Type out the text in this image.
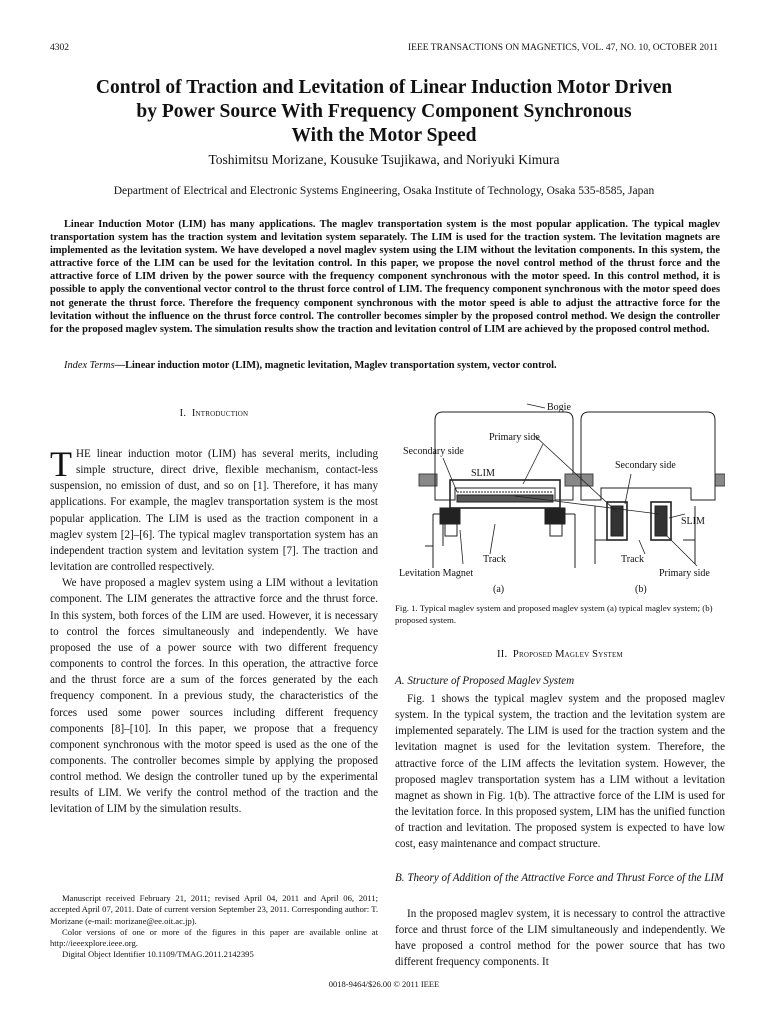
4302	IEEE TRANSACTIONS ON MAGNETICS, VOL. 47, NO. 10, OCTOBER 2011
Control of Traction and Levitation of Linear Induction Motor Driven
by Power Source With Frequency Component Synchronous
With the Motor Speed
Toshimitsu Morizane, Kousuke Tsujikawa, and Noriyuki Kimura
Department of Electrical and Electronic Systems Engineering, Osaka Institute of Technology, Osaka 535-8585, Japan

Linear Induction Motor (LIM) has many applications. The maglev transportation system is the most popular application. The typical maglev transportation system has the traction system and levitation system separately. The LIM is used for the traction system. The levitation magnets are implemented as the levitation system. We have developed a novel maglev system using the LIM without the levitation components. In this system, the attractive force of the LIM can be used for the levitation control. In this paper, we propose the novel control method of the thrust force and the attractive force of LIM driven by the power source with the frequency component synchronous with the motor speed. In this control method, it is possible to apply the conventional vector control to the thrust force control of LIM. The frequency component synchronous with the motor speed does not generate the thrust force. Therefore the frequency component synchronous with the motor speed is able to adjust the attractive force for the levitation without the influence on the thrust force control. The controller becomes simpler by the proposed control method. We design the controller for the proposed maglev system. The simulation results show the traction and levitation control of LIM are achieved by the proposed control method.

Index Terms—Linear induction motor (LIM), magnetic levitation, Maglev transportation system, vector control.

I. Introduction

THE linear induction motor (LIM) has several merits, including simple structure, direct drive, flexible mechanism, contact-less suspension, no emission of dust, and so on [1]. Therefore, it has many applications. For example, the maglev transportation system is the most popular application. The LIM is used as the traction component in a maglev system [2]–[6]. The typical maglev transportation system has an independent traction system and levitation system [7]. The traction and levitation are controlled respectively.

We have proposed a maglev system using a LIM without a levitation component. The LIM generates the attractive force and the thrust force. In this system, both forces of the LIM are used. However, it is necessary to control the forces simultaneously and independently. We have proposed the use of a power source with two different frequency components to control the forces. In this operation, the attractive force and the thrust force are a sum of the forces generated by the each frequency component. In a previous study, the characteristics of the forces used some power sources including different frequency components [8]–[10]. In this paper, we propose that a frequency component synchronous with the motor speed is used as the one of the components. The controller becomes simple by applying the proposed control method. We design the controller tuned up by the experimental results of LIM. We verify the control method of the traction and the levitation of LIM by the simulation results.

Manuscript received February 21, 2011; revised April 04, 2011 and April 06, 2011; accepted April 07, 2011. Date of current version September 23, 2011. Corresponding author: T. Morizane (e-mail: morizane@ee.oit.ac.jp).

Color versions of one or more of the figures in this paper are available online at http://ieeexplore.ieee.org.

Digital Object Identifier 10.1109/TMAG.2011.2142395

Bogie
Primary side
Secondary side
SLIM
Track
Levitation Magnet
(a)
Secondary side
SLIM
Track
Primary side
(b)

Fig. 1. Typical maglev system and proposed maglev system (a) typical maglev system; (b) proposed system.

II. Proposed Maglev System

A. Structure of Proposed Maglev System

Fig. 1 shows the typical maglev system and the proposed maglev system. In the typical system, the traction and the levitation system are implemented separately. The LIM is used for the traction system and the levitation magnet is used for the levitation system. Therefore, the attractive force of the LIM affects the levitation system. However, the proposed maglev transportation system has a LIM without a levitation magnet as shown in Fig. 1(b). The attractive force of the LIM is used for the levitation force. In this proposed system, LIM has the unified function of traction and levitation. The proposed system is expected to have low cost, easy maintenance and compact structure.

B. Theory of Addition of the Attractive Force and Thrust Force of the LIM

In the proposed maglev system, it is necessary to control the attractive force and thrust force of the LIM simultaneously and independently. We have proposed a control method for the power source that has two different frequency components. It

0018-9464/$26.00 © 2011 IEEE
